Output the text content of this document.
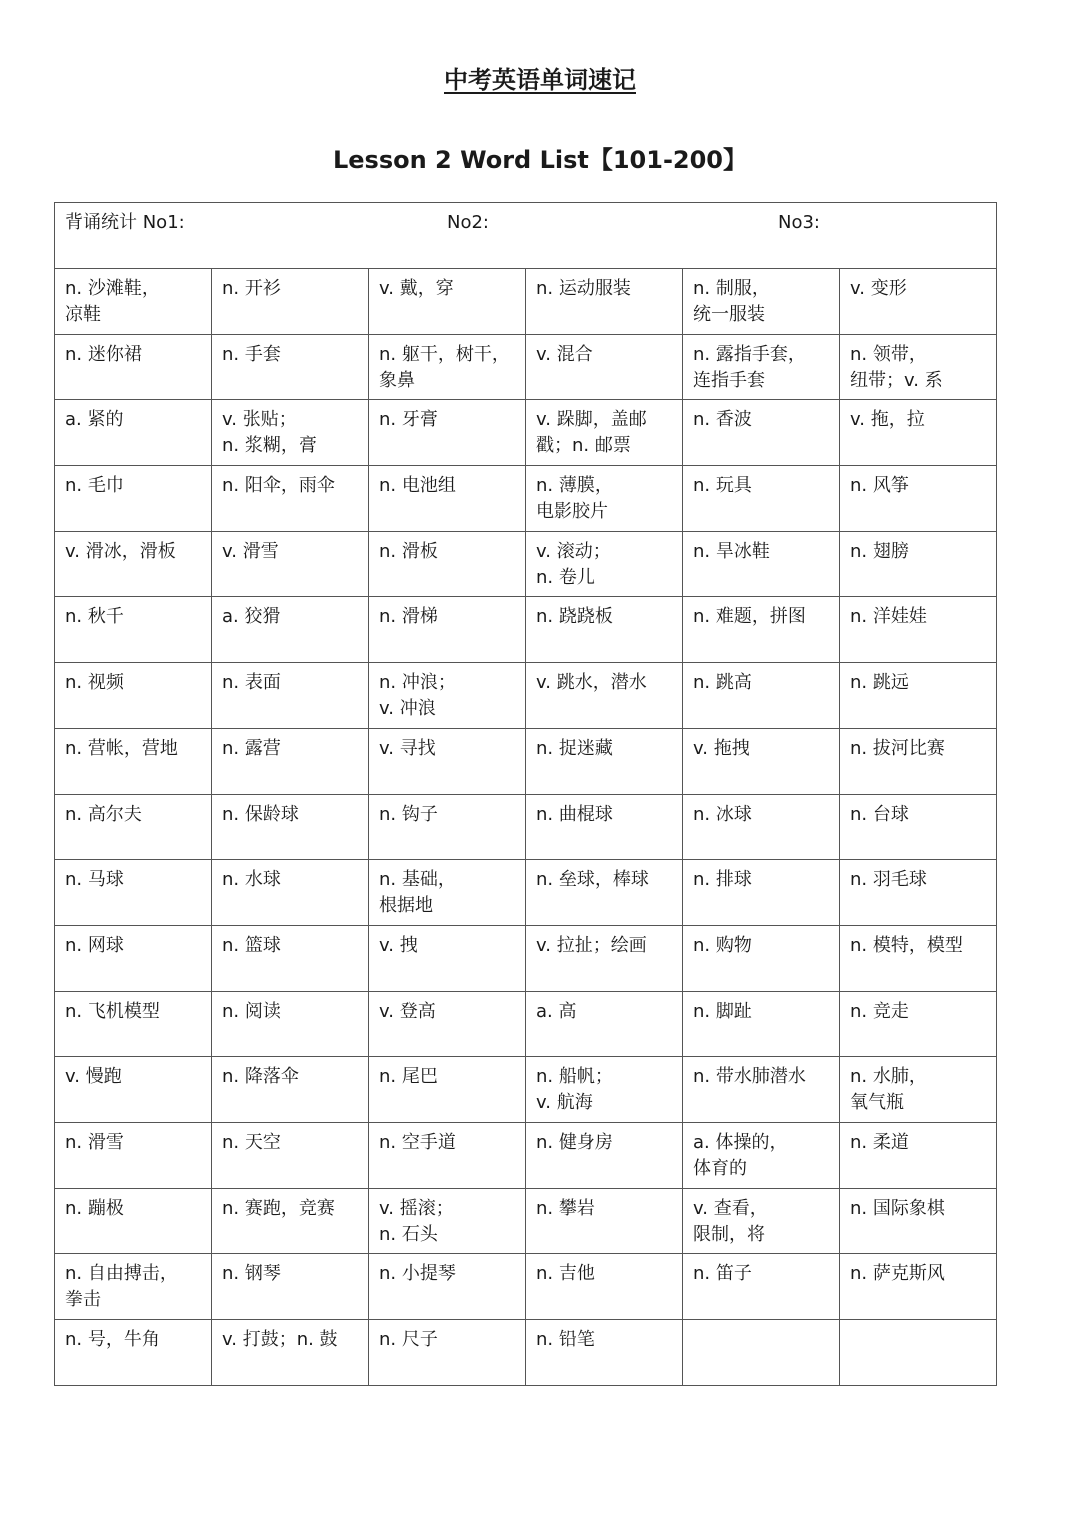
中考英语单词速记
Lesson 2 Word List【101-200】
背诵统计 No1: No2: No3:					

n. 沙滩鞋，
凉鞋	n. 开衫	v. 戴，穿	n. 运动服装	n. 制服，
统一服装	v. 变形

n. 迷你裙	n. 手套	n. 躯干，树干，
象鼻	v. 混合	n. 露指手套，
连指手套	n. 领带，
纽带；v. 系

a. 紧的	v. 张贴；
n. 浆糊，膏	n. 牙膏	v. 跺脚，盖邮
戳；n. 邮票	n. 香波	v. 拖，拉

n. 毛巾	n. 阳伞，雨伞	n. 电池组	n. 薄膜，
电影胶片	n. 玩具	n. 风筝

v. 滑冰，滑板	v. 滑雪	n. 滑板	v. 滚动；
n. 卷儿	n. 旱冰鞋	n. 翅膀

n. 秋千	a. 狡猾	n. 滑梯	n. 跷跷板	n. 难题，拼图	n. 洋娃娃

n. 视频	n. 表面	n. 冲浪；
v. 冲浪	v. 跳水，潜水	n. 跳高	n. 跳远

n. 营帐，营地	n. 露营	v. 寻找	n. 捉迷藏	v. 拖拽	n. 拔河比赛

n. 高尔夫	n. 保龄球	n. 钩子	n. 曲棍球	n. 冰球	n. 台球

n. 马球	n. 水球	n. 基础，
根据地	n. 垒球，棒球	n. 排球	n. 羽毛球

n. 网球	n. 篮球	v. 拽	v. 拉扯；绘画	n. 购物	n. 模特，模型

n. 飞机模型	n. 阅读	v. 登高	a. 高	n. 脚趾	n. 竞走

v. 慢跑	n. 降落伞	n. 尾巴	n. 船帆；
v. 航海	n. 带水肺潜水	n. 水肺，
氧气瓶

n. 滑雪	n. 天空	n. 空手道	n. 健身房	a. 体操的，
体育的	n. 柔道

n. 蹦极	n. 赛跑，竞赛	v. 摇滚；
n. 石头	n. 攀岩	v. 查看，
限制，将	n. 国际象棋

n. 自由搏击，
拳击	n. 钢琴	n. 小提琴	n. 吉他	n. 笛子	n. 萨克斯风

n. 号，牛角	v. 打鼓；n. 鼓	n. 尺子	n. 铅笔		
